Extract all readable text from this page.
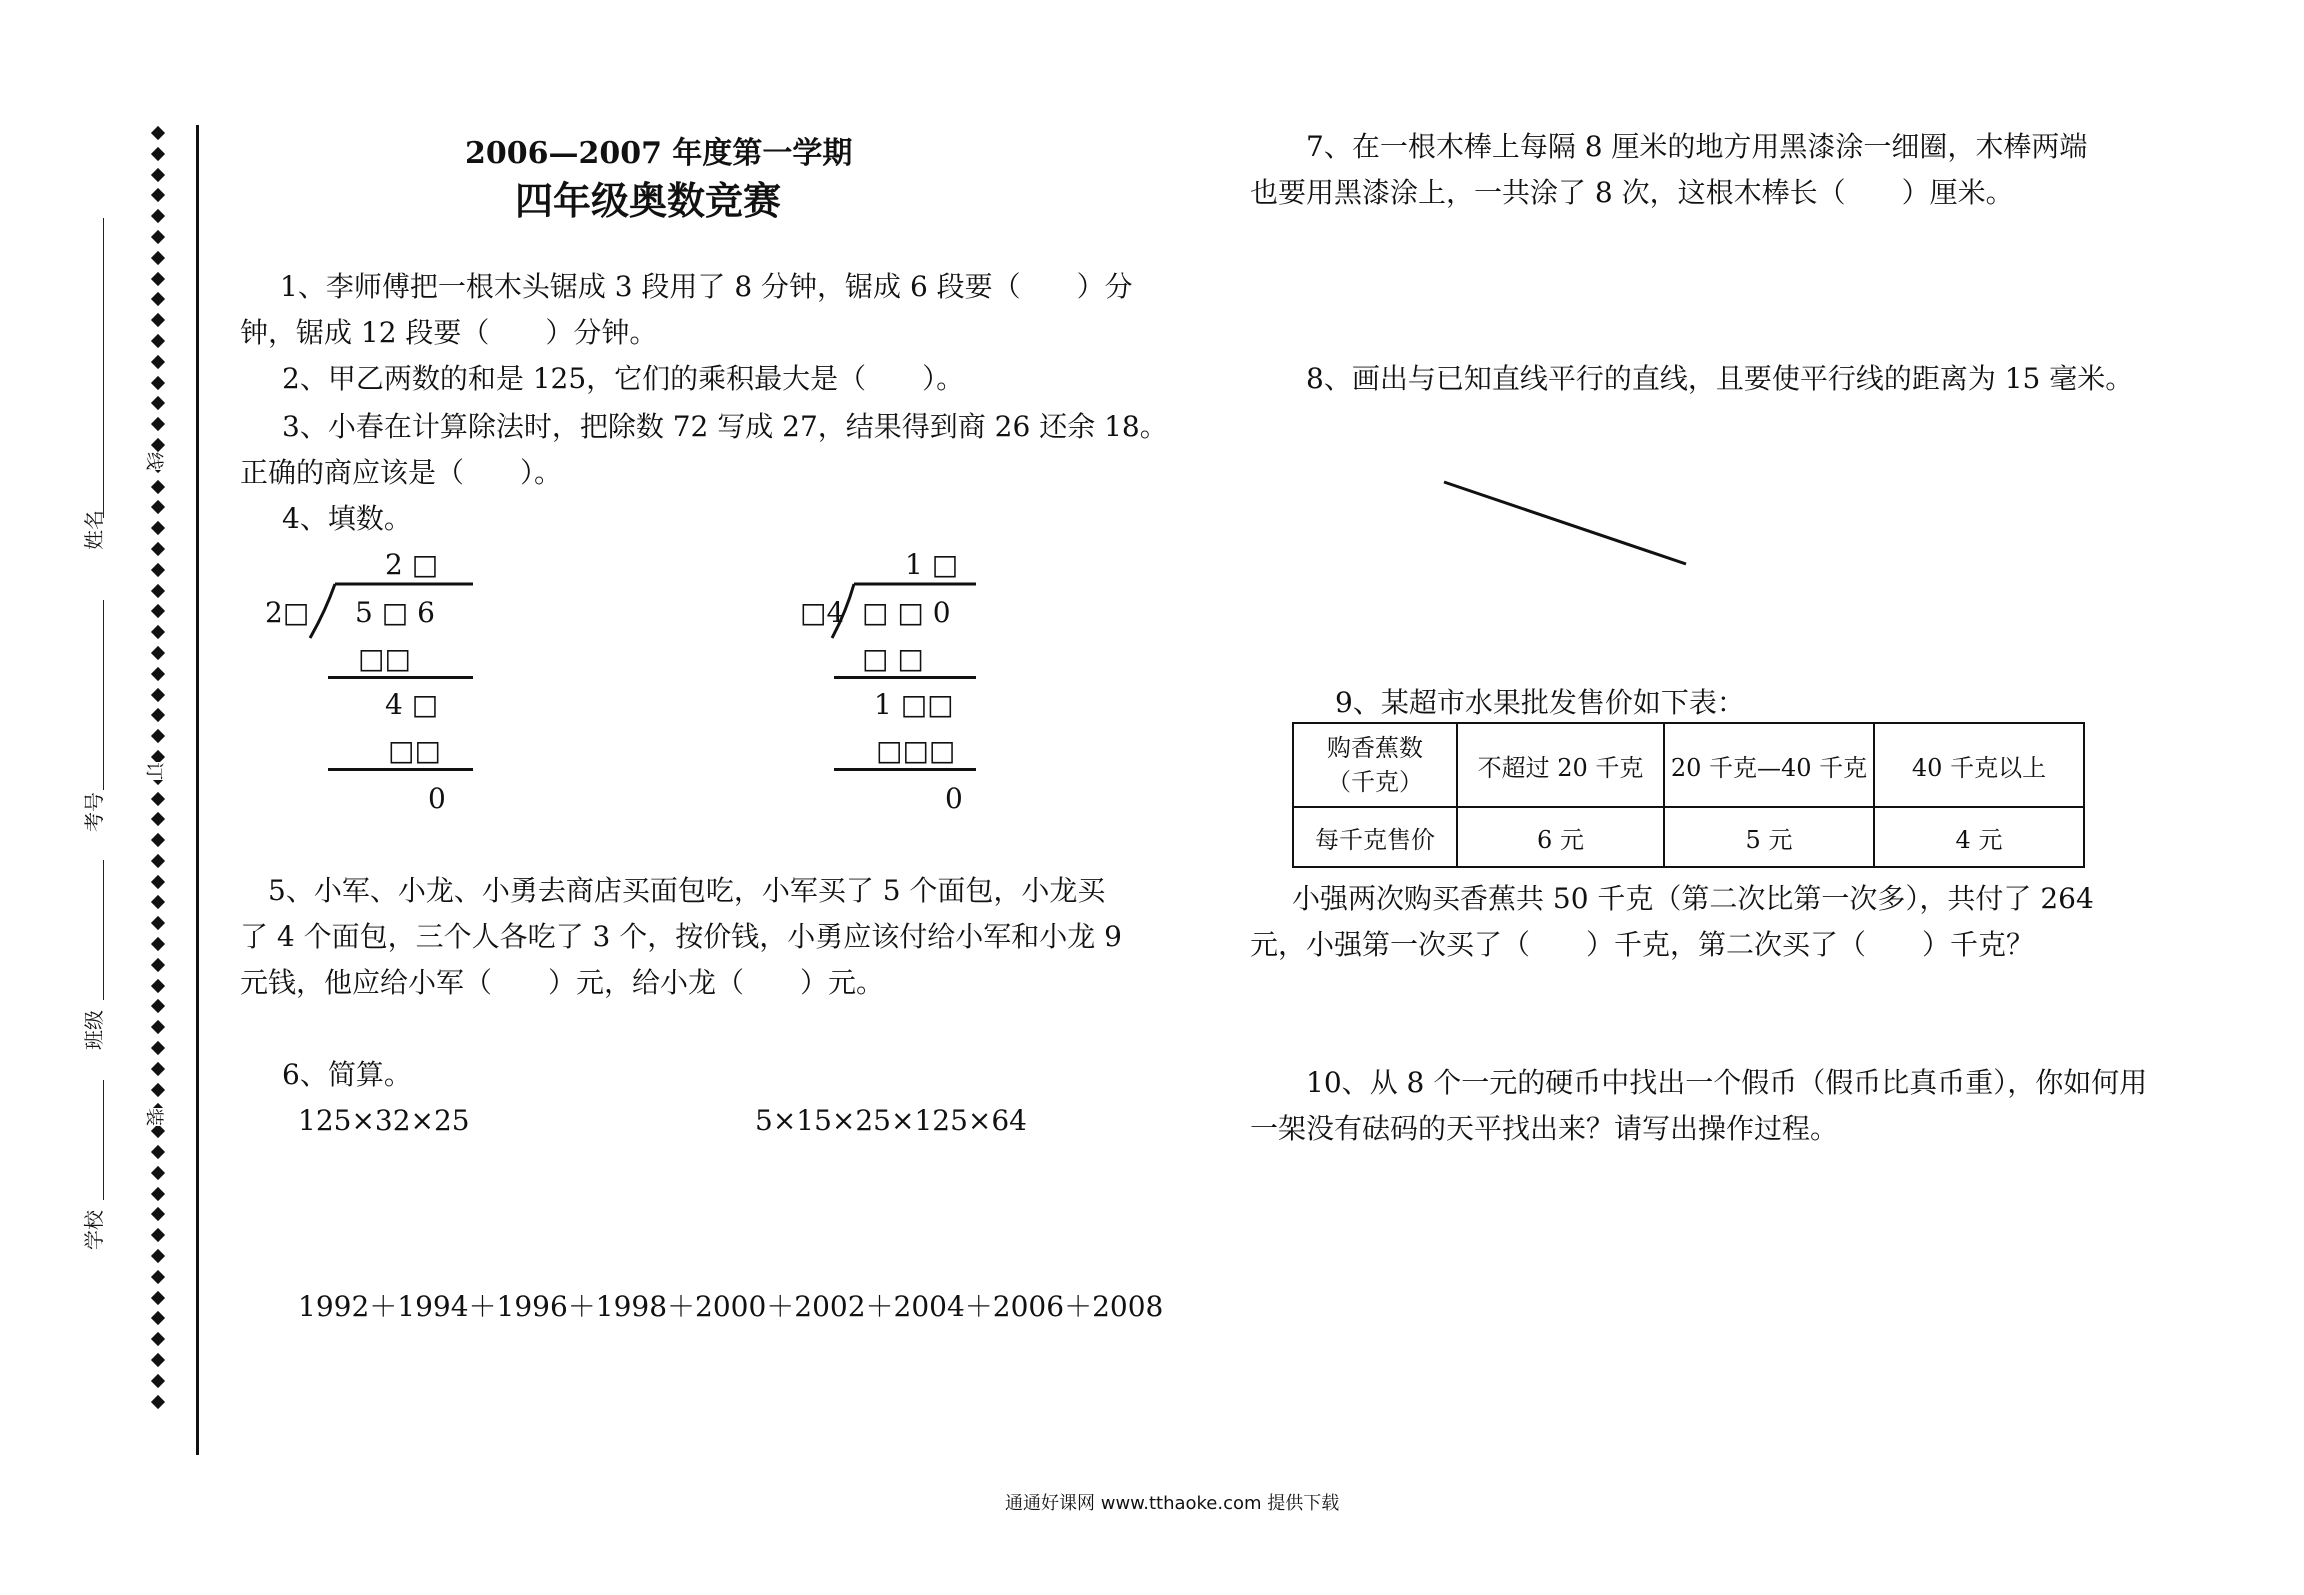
姓名
考号
班级
学校
线
订
装
2006—2007 年度第一学期
四年级奥数竞赛
1、李师傅把一根木头锯成 3 段用了 8 分钟，锯成 6 段要（　　）分
钟，锯成 12 段要（　　）分钟。
2、甲乙两数的和是 125，它们的乘积最大是（　　）。
3、小春在计算除法时，把除数 72 写成 27，结果得到商 26 还余 18。
正确的商应该是（　　）。
4、填数。
2 □
2□ 5 □ 6
□□
4 □
□□
0
1 □
□4 □ □ 0
□ □
1 □□
□□□
0
5、小军、小龙、小勇去商店买面包吃，小军买了 5 个面包，小龙买
了 4 个面包，三个人各吃了 3 个，按价钱，小勇应该付给小军和小龙 9
元钱，他应给小军（　　）元，给小龙（　　）元。
6、简算。
125×32×25	5×15×25×125×64
1992＋1994＋1996＋1998＋2000＋2002＋2004＋2006＋2008
7、在一根木棒上每隔 8 厘米的地方用黑漆涂一细圈，木棒两端
也要用黑漆涂上，一共涂了 8 次，这根木棒长（　　）厘米。
8、画出与已知直线平行的直线，且要使平行线的距离为 15 毫米。
9、某超市水果批发售价如下表：
购香蕉数
（千克）	不超过 20 千克	20 千克—40 千克	40 千克以上
每千克售价	6 元	5 元	4 元
小强两次购买香蕉共 50 千克（第二次比第一次多），共付了 264
元，小强第一次买了（　　）千克，第二次买了（　　）千克？
10、从 8 个一元的硬币中找出一个假币（假币比真币重），你如何用
一架没有砝码的天平找出来？请写出操作过程。
通通好课网 www.tthaoke.com 提供下载
